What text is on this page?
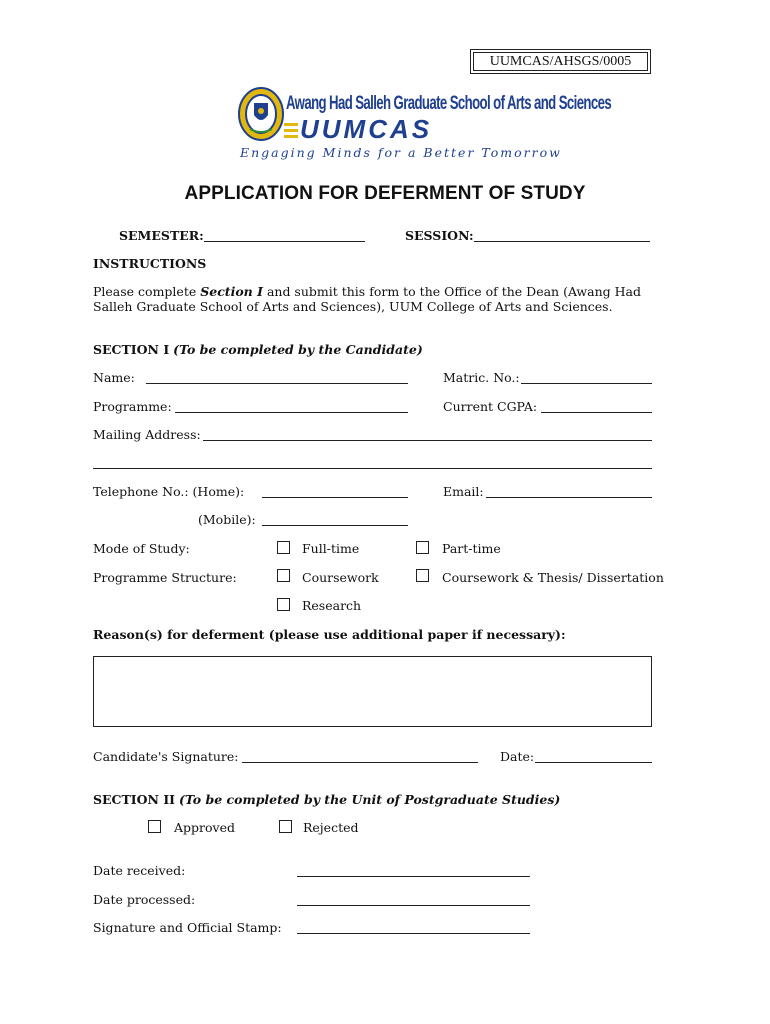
UUMCAS/AHSGS/0005
Awang Had Salleh Graduate School of Arts and Sciences
UUMCAS
Engaging Minds for a Better Tomorrow
APPLICATION FOR DEFERMENT OF STUDY
SEMESTER:	SESSION:
INSTRUCTIONS
Please complete Section I and submit this form to the Office of the Dean (Awang Had
Salleh Graduate School of Arts and Sciences), UUM College of Arts and Sciences.
SECTION I (To be completed by the Candidate)
Name:	Matric. No.:
Programme:	Current CGPA:
Mailing Address:
Telephone No.: (Home):	Email:
(Mobile):
Mode of Study:	Full-time	Part-time
Programme Structure:	Coursework	Coursework & Thesis/ Dissertation
Research
Reason(s) for deferment (please use additional paper if necessary):
Candidate's Signature:	Date:
SECTION II (To be completed by the Unit of Postgraduate Studies)
Approved	Rejected
Date received:
Date processed:
Signature and Official Stamp:
